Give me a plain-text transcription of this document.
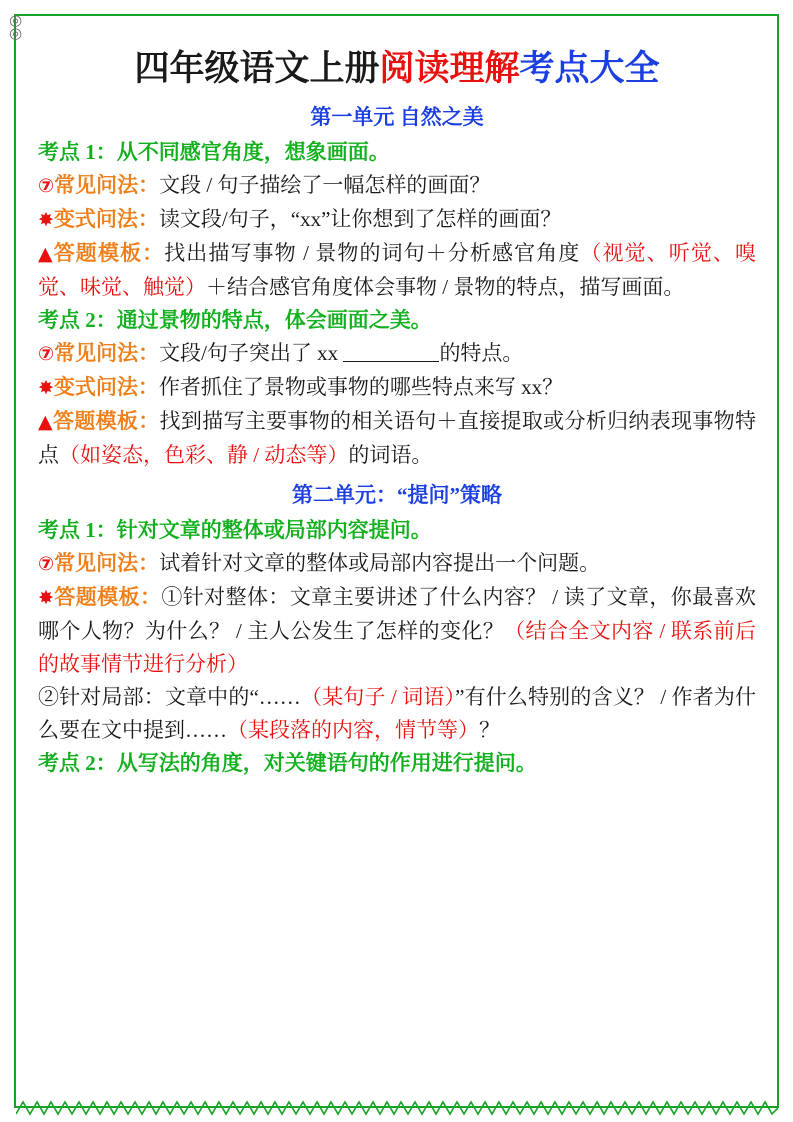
◎
◎
四年级语文上册阅读理解考点大全
第一单元 自然之美

考点 1：从不同感官角度，想象画面。

⑦常见问法：文段 / 句子描绘了一幅怎样的画面？

✸变式问法：读文段/句子，“xx”让你想到了怎样的画面？

▲答题模板：找出描写事物 / 景物的词句＋分析感官角度（视觉、听觉、嗅觉、味觉、触觉）＋结合感官角度体会事物 / 景物的特点，描写画面。

考点 2：通过景物的特点，体会画面之美。

⑦常见问法：文段/句子突出了 xx	的特点。

✸变式问法：作者抓住了景物或事物的哪些特点来写 xx？

▲答题模板：找到描写主要事物的相关语句＋直接提取或分析归纳表现事物特点（如姿态，色彩、静 / 动态等）的词语。

第二单元：“提问”策略

考点 1：针对文章的整体或局部内容提问。

⑦常见问法：试着针对文章的整体或局部内容提出一个问题。

✸答题模板：①针对整体：文章主要讲述了什么内容？ / 读了文章，你最喜欢哪个人物？为什么？ / 主人公发生了怎样的变化？（结合全文内容 / 联系前后的故事情节进行分析）

②针对局部：文章中的“……（某句子 / 词语）”有什么特别的含义？ / 作者为什么要在文中提到……（某段落的内容，情节等）？

考点 2：从写法的角度，对关键语句的作用进行提问。
